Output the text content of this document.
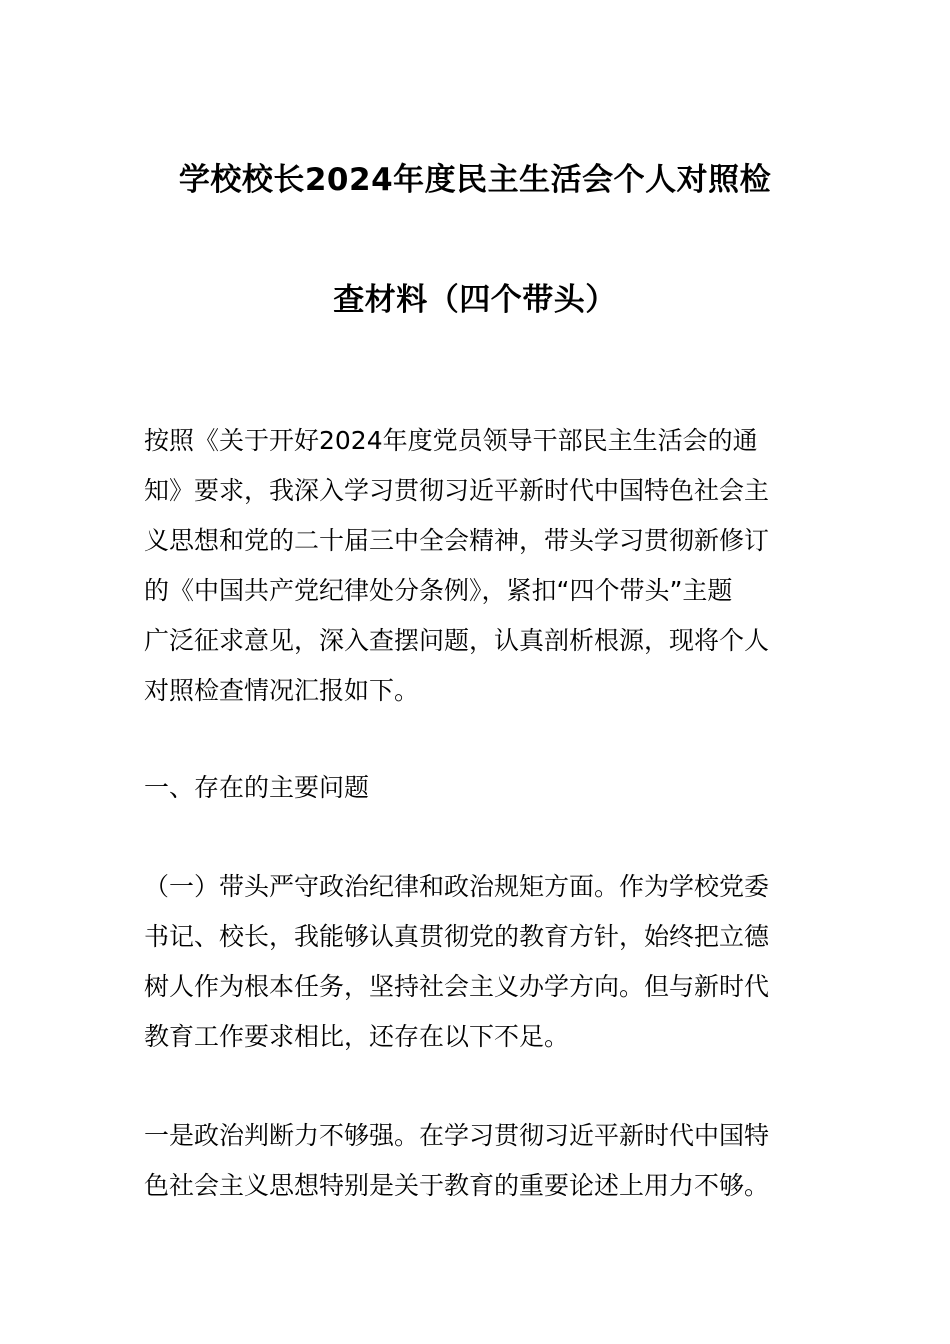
学校校长2024年度民主生活会个人对照检
查材料（四个带头）
按照《关于开好2024年度党员领导干部民主生活会的通
知》要求，我深入学习贯彻习近平新时代中国特色社会主
义思想和党的二十届三中全会精神，带头学习贯彻新修订
的《中国共产党纪律处分条例》，紧扣“四个带头”主题
广泛征求意见，深入查摆问题，认真剖析根源，现将个人
对照检查情况汇报如下。
一、存在的主要问题
（一）带头严守政治纪律和政治规矩方面。作为学校党委
书记、校长，我能够认真贯彻党的教育方针，始终把立德
树人作为根本任务，坚持社会主义办学方向。但与新时代
教育工作要求相比，还存在以下不足。
一是政治判断力不够强。在学习贯彻习近平新时代中国特
色社会主义思想特别是关于教育的重要论述上用力不够。
